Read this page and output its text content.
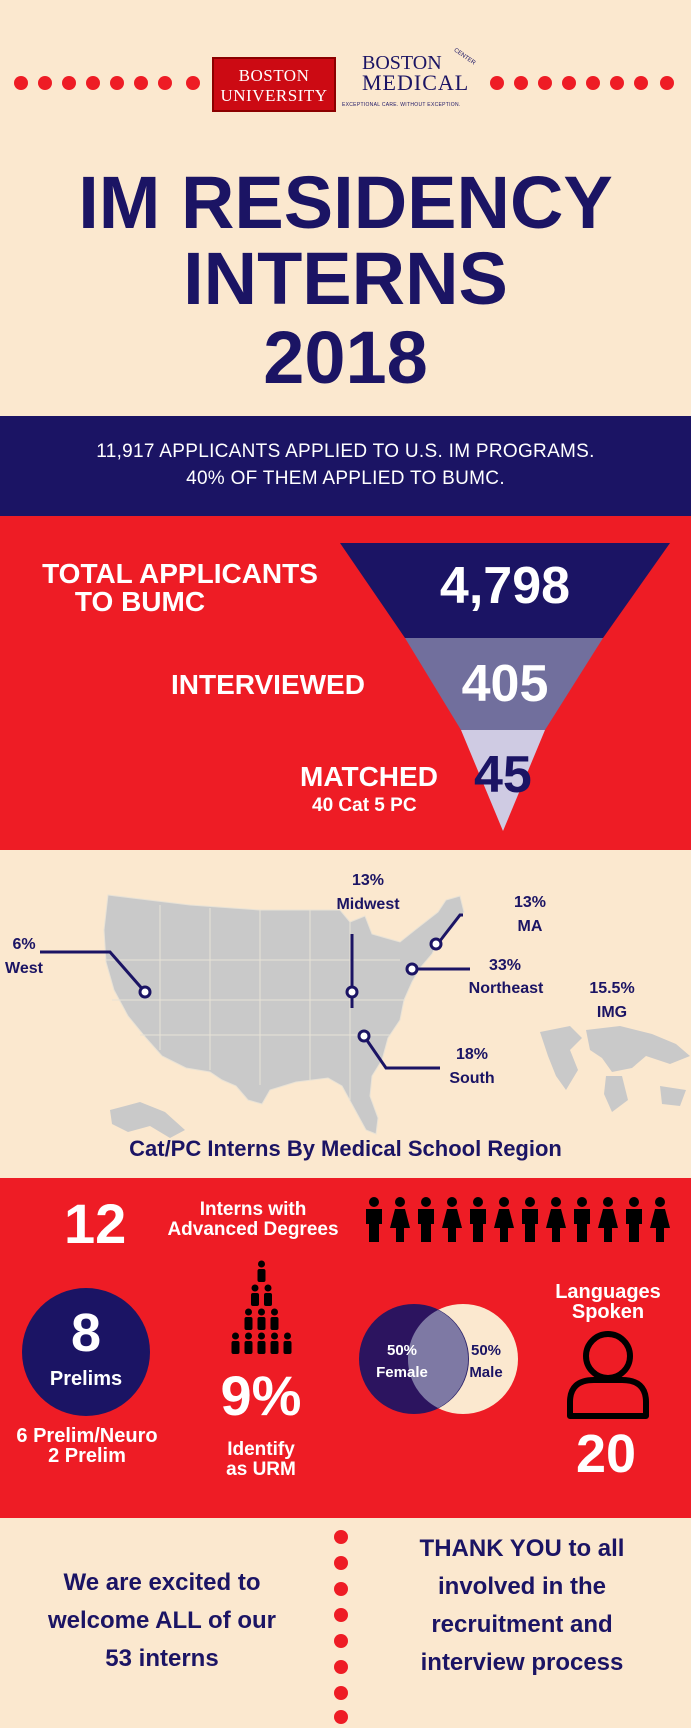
BOSTON
UNIVERSITY
CENTER
BOSTON
MEDICAL
EXCEPTIONAL CARE. WITHOUT EXCEPTION.
IM RESIDENCY
INTERNS
2018
11,917 APPLICANTS APPLIED TO U.S. IM PROGRAMS.
40% OF THEM APPLIED TO BUMC.
TOTAL APPLICANTS
TO BUMC	4,798
INTERVIEWED	405
MATCHED 45
40 Cat 5 PC
13%
Midwest	13%
MA
6%
West	33%
Northeast	15.5%
IMG
18%
South
Cat/PC Interns By Medical School Region
12	Interns with
Advanced Degrees
8
Prelims
6 Prelim/Neuro
2 Prelim
9%
Identify
as URM
50%
Female
50%
Male
Languages
Spoken
20
We are excited to
welcome ALL of our
53 interns
THANK YOU to all
involved in the
recruitment and
interview process
